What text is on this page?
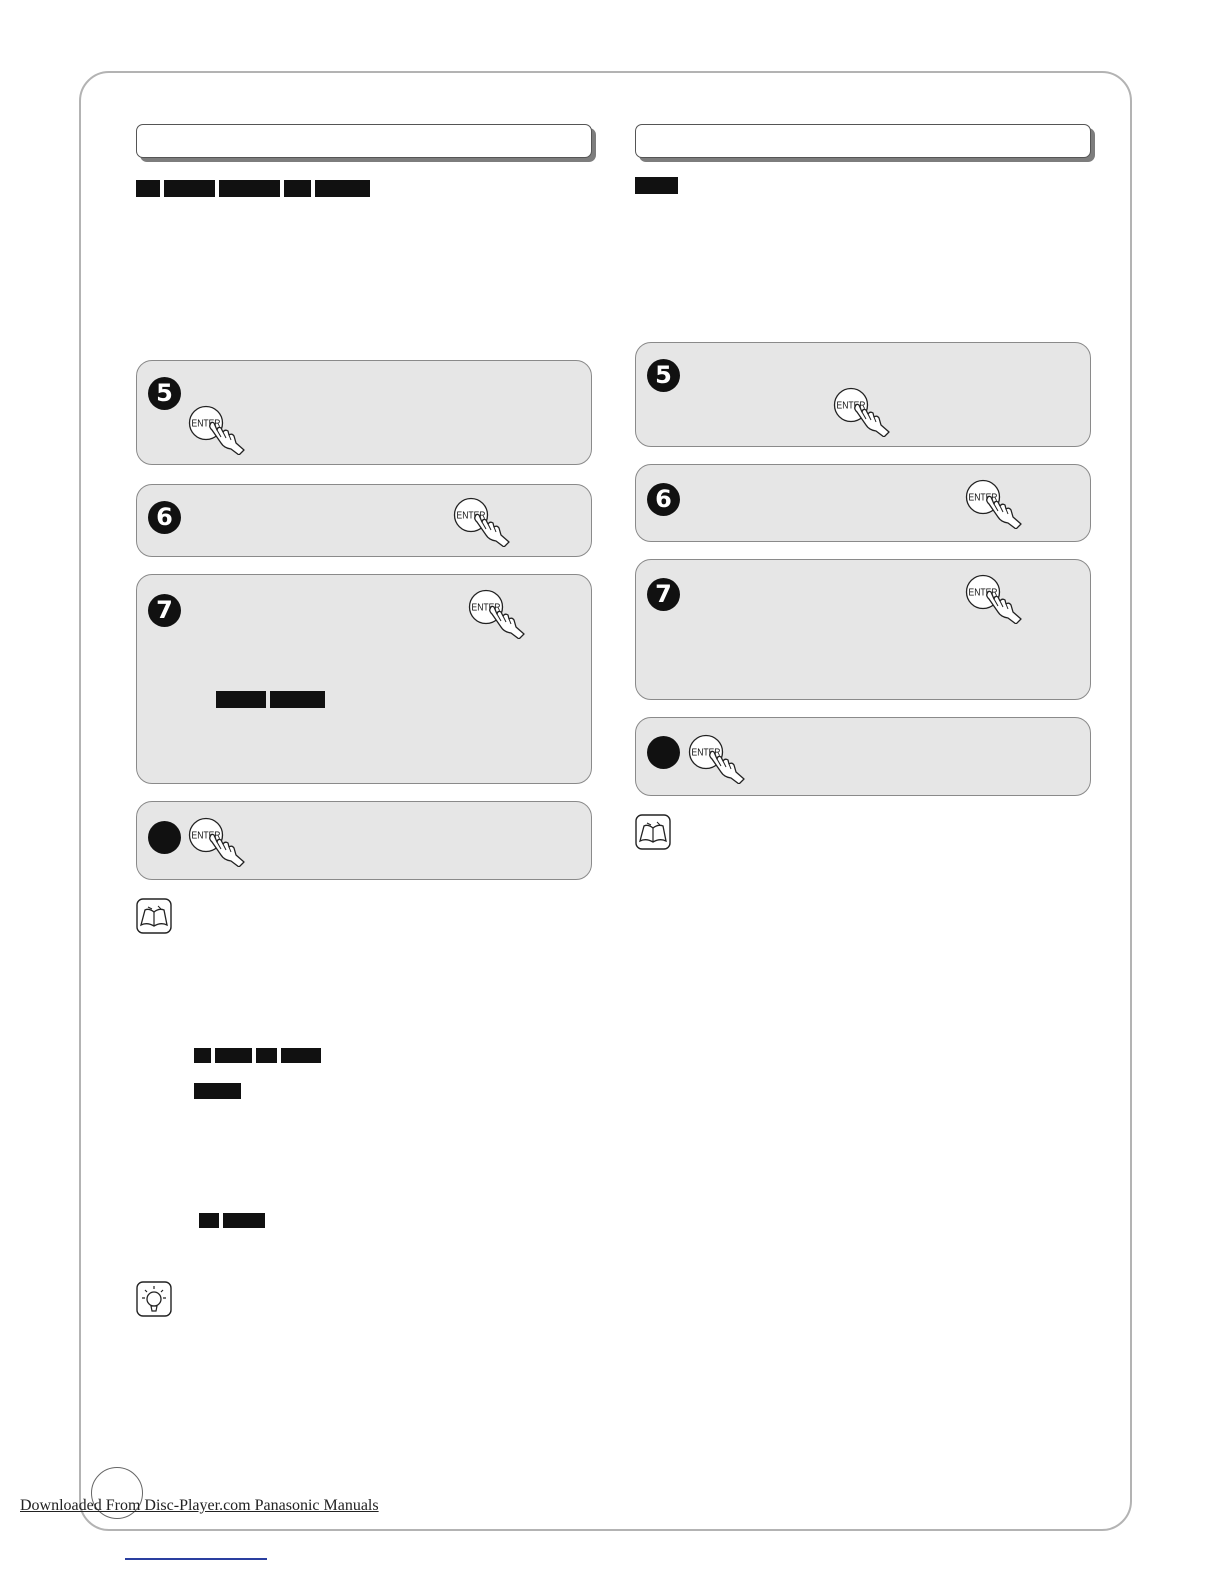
5
6
7
5
6
7
Downloaded From Disc-Player.com Panasonic Manuals
